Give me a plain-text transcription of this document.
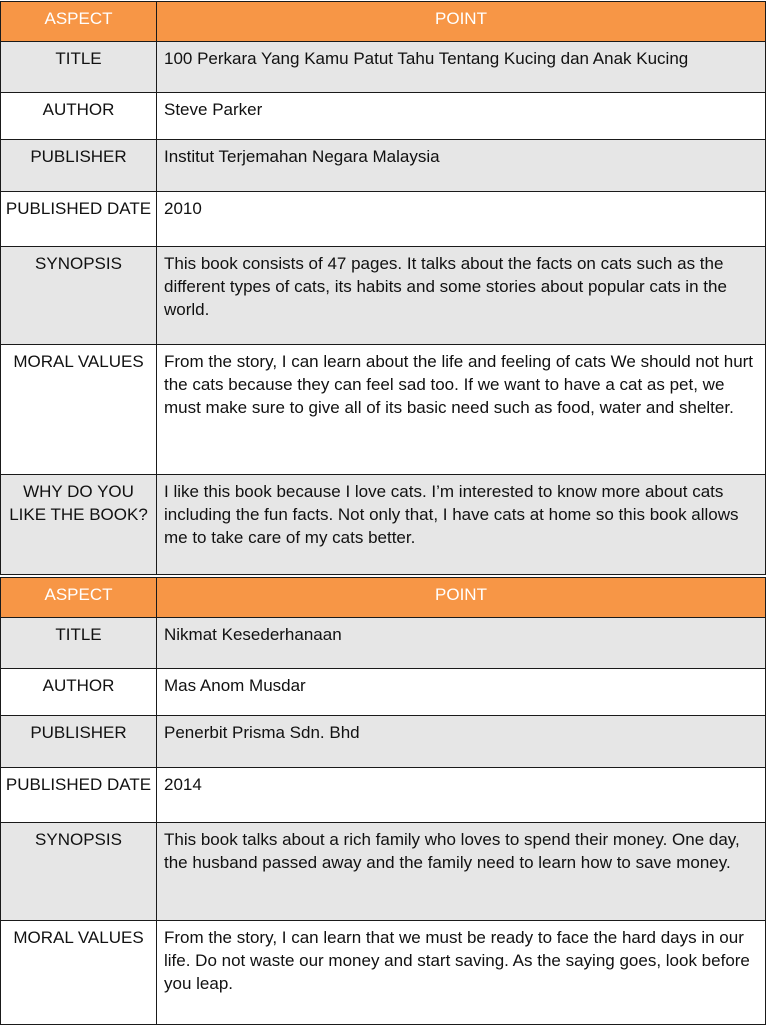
ASPECT	POINT
TITLE	100 Perkara Yang Kamu Patut Tahu Tentang Kucing dan Anak Kucing
AUTHOR	Steve Parker
PUBLISHER	Institut Terjemahan Negara Malaysia
PUBLISHED DATE	2010
SYNOPSIS	This book consists of 47 pages. It talks about the facts on cats such as the different types of cats, its habits and some stories about popular cats in the world.
MORAL VALUES	From the story, I can learn about the life and feeling of cats We should not hurt the cats because they can feel sad too. If we want to have a cat as pet, we must make sure to give all of its basic need such as food, water and shelter.
WHY DO YOU LIKE THE BOOK?	I like this book because I love cats. I’m interested to know more about cats including the fun facts. Not only that, I have cats at home so this book allows me to take care of my cats better.
ASPECT	POINT
TITLE	Nikmat Kesederhanaan
AUTHOR	Mas Anom Musdar
PUBLISHER	Penerbit Prisma Sdn. Bhd
PUBLISHED DATE	2014
SYNOPSIS	This book talks about a rich family who loves to spend their money. One day, the husband passed away and the family need to learn how to save money.
MORAL VALUES	From the story, I can learn that we must be ready to face the hard days in our life. Do not waste our money and start saving. As the saying goes, look before you leap.
